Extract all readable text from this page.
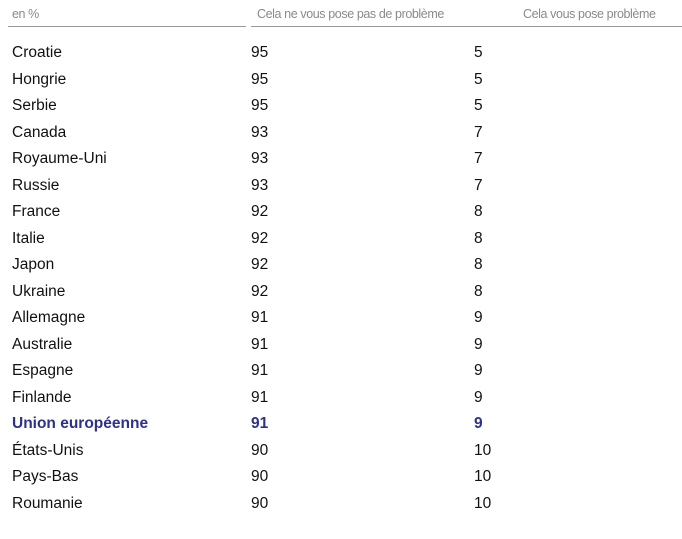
en %	Cela ne vous pose pas de problème	Cela vous pose problème
Croatie	95	5
Hongrie	95	5
Serbie	95	5
Canada	93	7
Royaume-Uni	93	7
Russie	93	7
France	92	8
Italie	92	8
Japon	92	8
Ukraine	92	8
Allemagne	91	9
Australie	91	9
Espagne	91	9
Finlande	91	9
Union européenne	91	9
États-Unis	90	10
Pays-Bas	90	10
Roumanie	90	10
